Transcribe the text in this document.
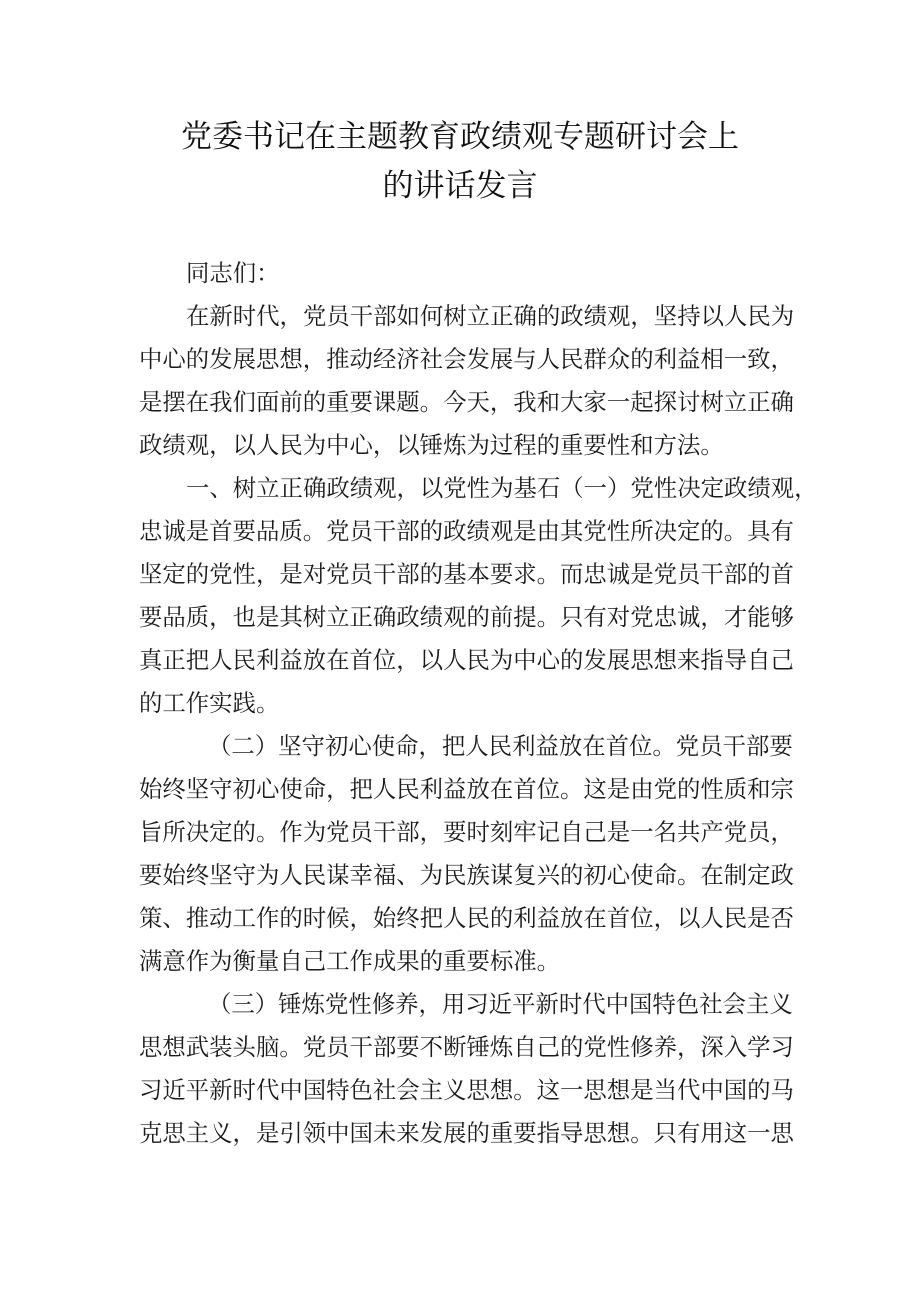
党委书记在主题教育政绩观专题研讨会上
的讲话发言
同志们：
在新时代，党员干部如何树立正确的政绩观，坚持以人民为
中心的发展思想，推动经济社会发展与人民群众的利益相一致，
是摆在我们面前的重要课题。今天，我和大家一起探讨树立正确
政绩观，以人民为中心，以锤炼为过程的重要性和方法。
一、树立正确政绩观，以党性为基石（一）党性决定政绩观，
忠诚是首要品质。党员干部的政绩观是由其党性所决定的。具有
坚定的党性，是对党员干部的基本要求。而忠诚是党员干部的首
要品质，也是其树立正确政绩观的前提。只有对党忠诚，才能够
真正把人民利益放在首位，以人民为中心的发展思想来指导自己
的工作实践。
（二）坚守初心使命，把人民利益放在首位。党员干部要
始终坚守初心使命，把人民利益放在首位。这是由党的性质和宗
旨所决定的。作为党员干部，要时刻牢记自己是一名共产党员，
要始终坚守为人民谋幸福、为民族谋复兴的初心使命。在制定政
策、推动工作的时候，始终把人民的利益放在首位，以人民是否
满意作为衡量自己工作成果的重要标准。
（三）锤炼党性修养，用习近平新时代中国特色社会主义
思想武装头脑。党员干部要不断锤炼自己的党性修养，深入学习
习近平新时代中国特色社会主义思想。这一思想是当代中国的马
克思主义，是引领中国未来发展的重要指导思想。只有用这一思
